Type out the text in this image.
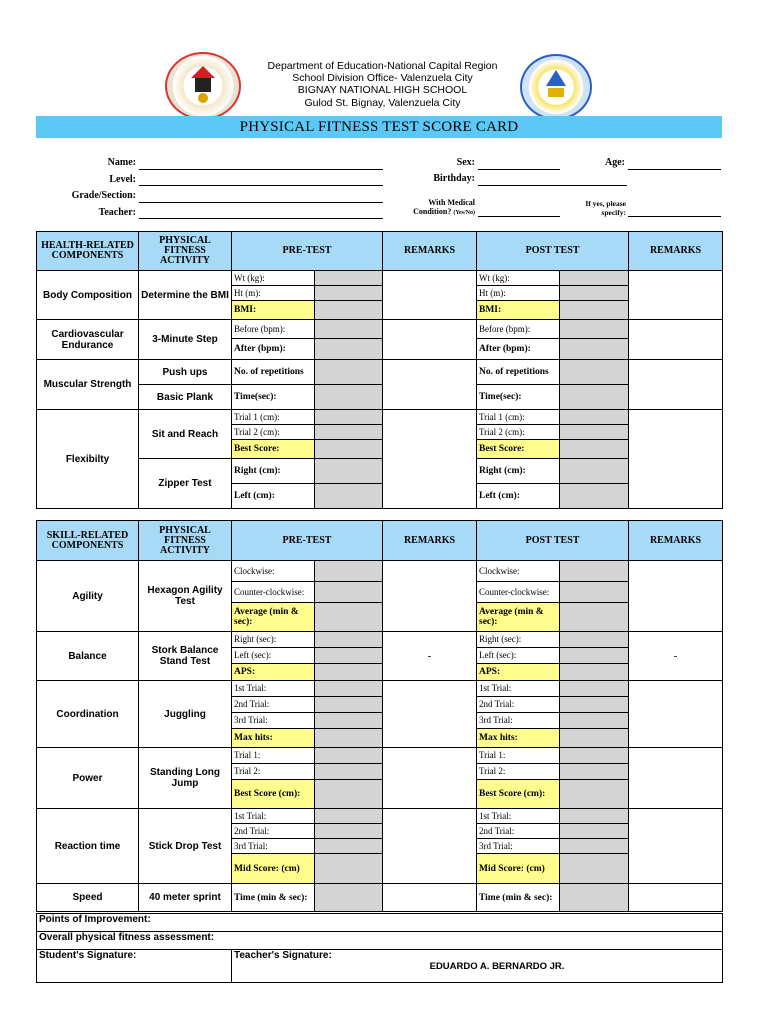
Department of Education-National Capital Region
School Division Office- Valenzuela City
BIGNAY NATIONAL HIGH SCHOOL
Gulod St. Bignay, Valenzuela City
PHYSICAL FITNESS TEST SCORE CARD
Name:
Level:
Grade/Section:
Teacher:
Sex:	Age:
Birthday:
With Medical
Condition? (Yes/No)
If yes, please
specify:
HEALTH-RELATED COMPONENTS	PHYSICAL FITNESS ACTIVITY	PRE-TEST		REMARKS	POST TEST		REMARKS
Body Composition	Determine the BMI	Wt (kg):			Wt (kg):		
		Ht (m):			Ht (m):		
		BMI:			BMI:		
Cardiovascular Endurance	3-Minute Step	Before (bpm):			Before (bpm):		
		After (bpm):			After (bpm):		
Muscular Strength	Push ups	No. of repetitions			No. of repetitions		
	Basic Plank	Time(sec):			Time(sec):		
Flexibilty	Sit and Reach	Trial 1 (cm):			Trial 1 (cm):		
		Trial 2 (cm):			Trial 2 (cm):		
		Best Score:			Best Score:		
	Zipper Test	Right (cm):			Right (cm):		
		Left (cm):			Left (cm):		
SKILL-RELATED COMPONENTS	PHYSICAL FITNESS ACTIVITY	PRE-TEST		REMARKS	POST TEST		REMARKS
Agility	Hexagon Agility Test	Clockwise:			Clockwise:		
		Counter-clockwise:			Counter-clockwise:		
		Average (min & sec):			Average (min & sec):		
Balance	Stork Balance Stand Test	Right (sec):		-	Right (sec):		-
		Left (sec):			Left (sec):		
		APS:			APS:		
Coordination	Juggling	1st Trial:			1st Trial:		
		2nd Trial:			2nd Trial:		
		3rd Trial:			3rd Trial:		
		Max hits:			Max hits:		
Power	Standing Long Jump	Trial 1:			Trial 1:		
		Trial 2:			Trial 2:		
		Best Score (cm):			Best Score (cm):		
Reaction time	Stick Drop Test	1st Trial:			1st Trial:		
		2nd Trial:			2nd Trial:		
		3rd Trial:			3rd Trial:		
		Mid Score: (cm)			Mid Score: (cm)		
Speed	40 meter sprint	Time (min & sec):			Time (min & sec):		
Points of Improvement:
Overall physical fitness assessment:
Student's Signature:	Teacher's Signature:
EDUARDO A. BERNARDO JR.
